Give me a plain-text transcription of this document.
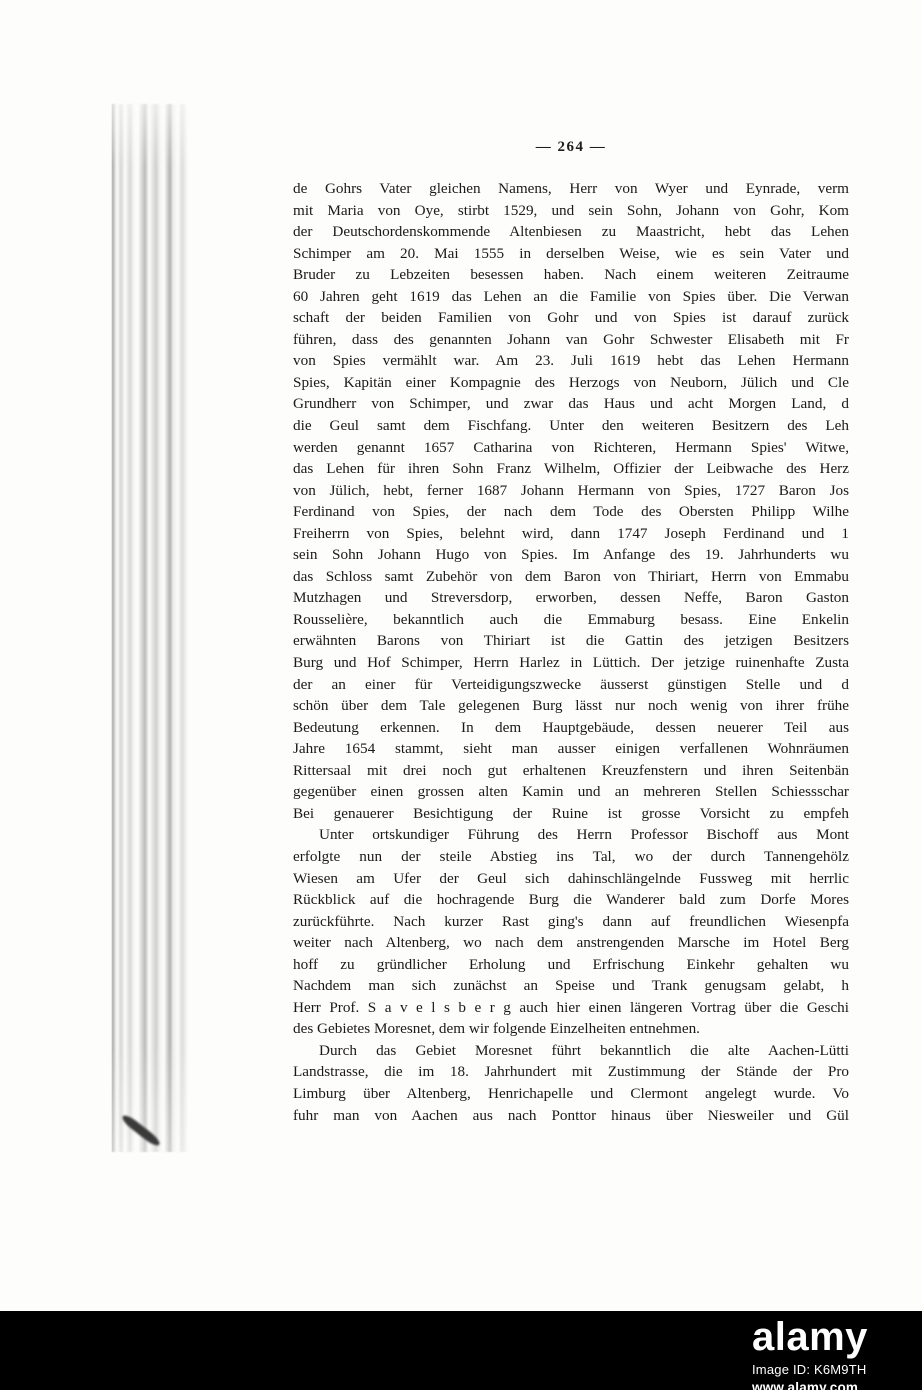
— 264 —
de Gohrs Vater gleichen Namens, Herr von Wyer und Eynrade, verm
mit Maria von Oye, stirbt 1529, und sein Sohn, Johann von Gohr, Kom
der Deutschordenskommende Altenbiesen zu Maastricht, hebt das Lehen
Schimper am 20. Mai 1555 in derselben Weise, wie es sein Vater und
Bruder zu Lebzeiten besessen haben. Nach einem weiteren Zeitraume
60 Jahren geht 1619 das Lehen an die Familie von Spies über. Die Verwan
schaft der beiden Familien von Gohr und von Spies ist darauf zurück
führen, dass des genannten Johann van Gohr Schwester Elisabeth mit Fr
von Spies vermählt war. Am 23. Juli 1619 hebt das Lehen Hermann
Spies, Kapitän einer Kompagnie des Herzogs von Neuborn, Jülich und Cle
Grundherr von Schimper, und zwar das Haus und acht Morgen Land, d
die Geul samt dem Fischfang. Unter den weiteren Besitzern des Leh
werden genannt 1657 Catharina von Richteren, Hermann Spies' Witwe,
das Lehen für ihren Sohn Franz Wilhelm, Offizier der Leibwache des Herz
von Jülich, hebt, ferner 1687 Johann Hermann von Spies, 1727 Baron Jos
Ferdinand von Spies, der nach dem Tode des Obersten Philipp Wilhe
Freiherrn von Spies, belehnt wird, dann 1747 Joseph Ferdinand und 1
sein Sohn Johann Hugo von Spies. Im Anfange des 19. Jahrhunderts wu
das Schloss samt Zubehör von dem Baron von Thiriart, Herrn von Emmabu
Mutzhagen und Streversdorp, erworben, dessen Neffe, Baron Gaston
Rousselière, bekanntlich auch die Emmaburg besass. Eine Enkelin
erwähnten Barons von Thiriart ist die Gattin des jetzigen Besitzers
Burg und Hof Schimper, Herrn Harlez in Lüttich. Der jetzige ruinenhafte Zusta
der an einer für Verteidigungszwecke äusserst günstigen Stelle und d
schön über dem Tale gelegenen Burg lässt nur noch wenig von ihrer frühe
Bedeutung erkennen. In dem Hauptgebäude, dessen neuerer Teil aus
Jahre 1654 stammt, sieht man ausser einigen verfallenen Wohnräumen
Rittersaal mit drei noch gut erhaltenen Kreuzfenstern und ihren Seitenbän
gegenüber einen grossen alten Kamin und an mehreren Stellen Schiessschar
Bei genauerer Besichtigung der Ruine ist grosse Vorsicht zu empfeh
Unter ortskundiger Führung des Herrn Professor Bischoff aus Mont
erfolgte nun der steile Abstieg ins Tal, wo der durch Tannengehölz
Wiesen am Ufer der Geul sich dahinschlängelnde Fussweg mit herrlic
Rückblick auf die hochragende Burg die Wanderer bald zum Dorfe Mores
zurückführte. Nach kurzer Rast ging's dann auf freundlichen Wiesenpfa
weiter nach Altenberg, wo nach dem anstrengenden Marsche im Hotel Berg
hoff zu gründlicher Erholung und Erfrischung Einkehr gehalten wu
Nachdem man sich zunächst an Speise und Trank genugsam gelabt, h
Herr Prof. S a v e l s b e r g auch hier einen längeren Vortrag über die Geschi
des Gebietes Moresnet, dem wir folgende Einzelheiten entnehmen.
Durch das Gebiet Moresnet führt bekanntlich die alte Aachen-Lütti
Landstrasse, die im 18. Jahrhundert mit Zustimmung der Stände der Pro
Limburg über Altenberg, Henrichapelle und Clermont angelegt wurde. Vo
fuhr man von Aachen aus nach Ponttor hinaus über Niesweiler und Gül
alamy
Image ID: K6M9TH
www.alamy.com
